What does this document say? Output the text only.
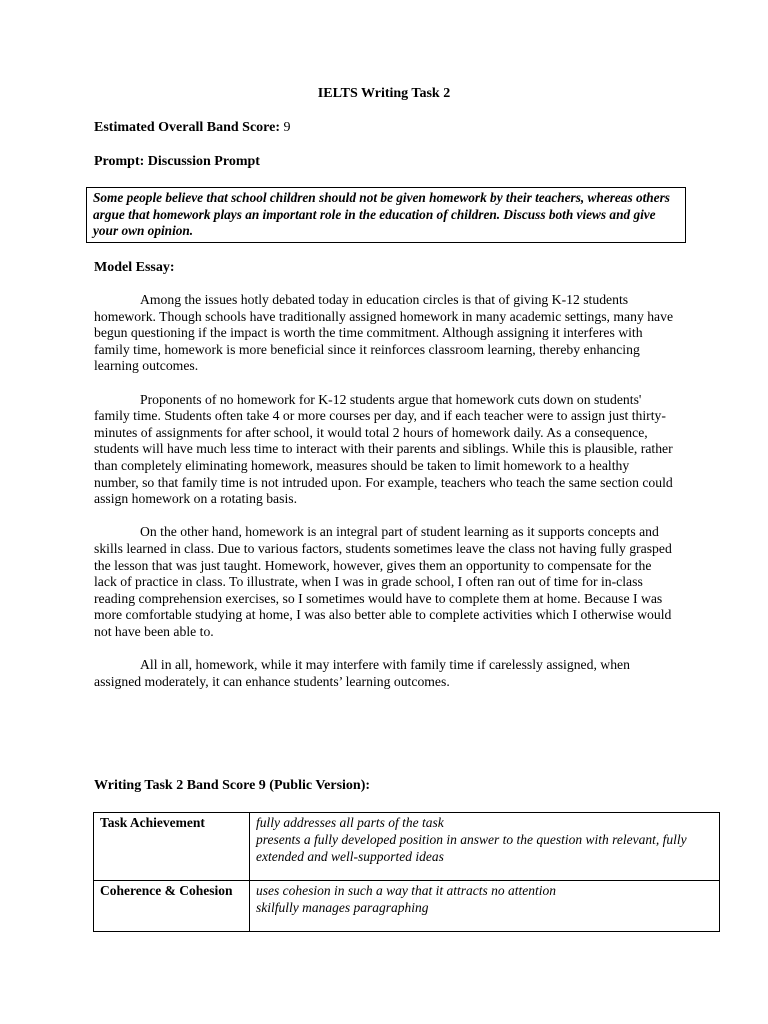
IELTS Writing Task 2
Estimated Overall Band Score: 9
Prompt: Discussion Prompt
Some people believe that school children should not be given homework by their teachers, whereas others argue that homework plays an important role in the education of children. Discuss both views and give your own opinion.
Model Essay:

Among the issues hotly debated today in education circles is that of giving K-12 students homework. Though schools have traditionally assigned homework in many academic settings, many have begun questioning if the impact is worth the time commitment. Although assigning it interferes with family time, homework is more beneficial since it reinforces classroom learning, thereby enhancing learning outcomes.

Proponents of no homework for K-12 students argue that homework cuts down on students' family time. Students often take 4 or more courses per day, and if each teacher were to assign just thirty-minutes of assignments for after school, it would total 2 hours of homework daily. As a consequence, students will have much less time to interact with their parents and siblings. While this is plausible, rather than completely eliminating homework, measures should be taken to limit homework to a healthy number, so that family time is not intruded upon. For example, teachers who teach the same section could assign homework on a rotating basis.

On the other hand, homework is an integral part of student learning as it supports concepts and skills learned in class. Due to various factors, students sometimes leave the class not having fully grasped the lesson that was just taught. Homework, however, gives them an opportunity to compensate for the lack of practice in class. To illustrate, when I was in grade school, I often ran out of time for in-class reading comprehension exercises, so I sometimes would have to complete them at home. Because I was more comfortable studying at home, I was also better able to complete activities which I otherwise would not have been able to.

All in all, homework, while it may interfere with family time if carelessly assigned, when assigned moderately, it can enhance students’ learning outcomes.

Writing Task 2 Band Score 9 (Public Version):
Task Achievement	fully addresses all parts of the task
presents a fully developed position in answer to the question with relevant, fully extended and well-supported ideas

Coherence & Cohesion	uses cohesion in such a way that it attracts no attention
skilfully manages paragraphing
